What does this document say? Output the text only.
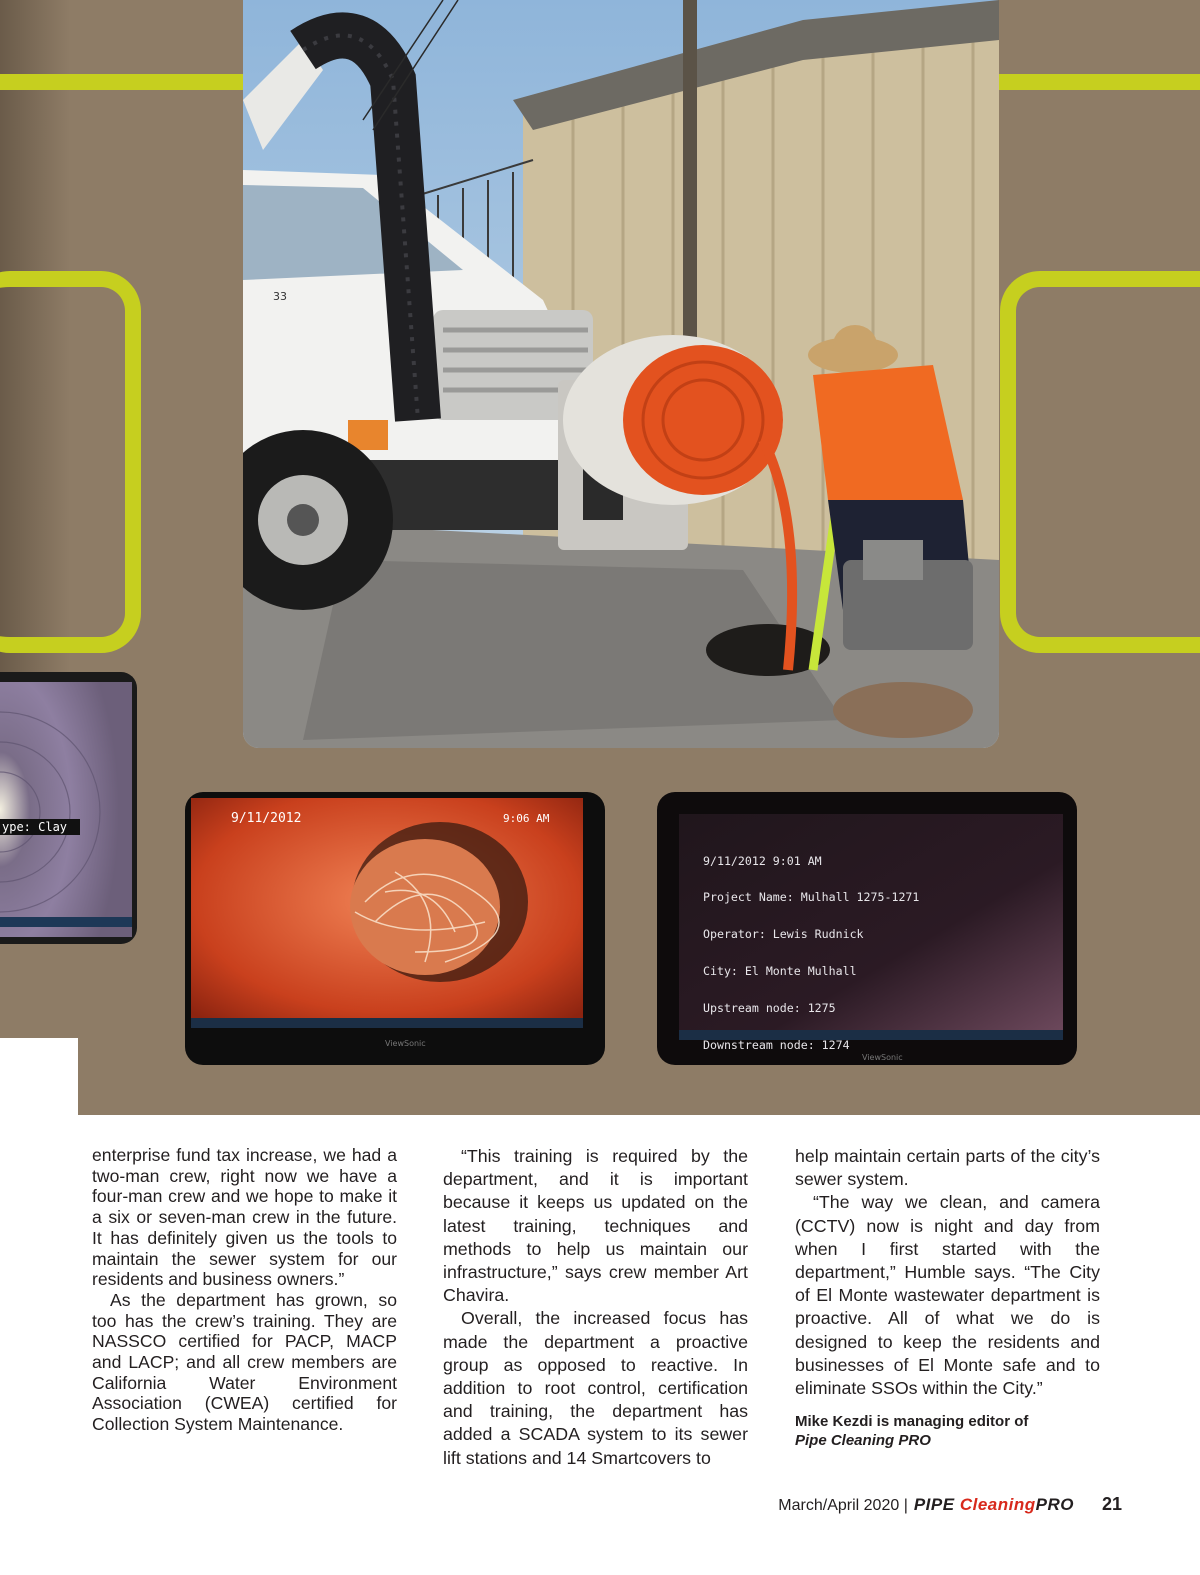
33
ype: Clay
9/11/2012	9:06 AM
ViewSonic
ViewSonic

9/11/2012 9:01 AM

Project Name: Mulhall 1275-1271

Operator: Lewis Rudnick

City: El Monte Mulhall

Upstream node: 1275

Downstream node: 1274

enterprise fund tax increase, we had a two-man crew, right now we have a four-man crew and we hope to make it a six or seven-man crew in the future. It has definitely given us the tools to maintain the sewer system for our residents and business owners.”

As the department has grown, so too has the crew’s training. They are NASSCO certified for PACP, MACP and LACP; and all crew members are California Water Environment Association (CWEA) certified for Collection System Maintenance.

“This training is required by the department, and it is important because it keeps us updated on the latest training, techniques and methods to help us maintain our infrastructure,” says crew member Art Chavira.

Overall, the increased focus has made the department a proactive group as opposed to reactive. In addition to root control, certification and training, the department has added a SCADA system to its sewer lift stations and 14 Smartcovers to

help maintain certain parts of the city’s sewer system.

“The way we clean, and camera (CCTV) now is night and day from when I first started with the department,” Humble says. “The City of El Monte wastewater department is proactive. All of what we do is designed to keep the residents and businesses of El Monte safe and to eliminate SSOs within the City.”

Mike Kezdi is managing editor of
Pipe Cleaning PRO

March/April 2020 | PIPE CleaningPRO 21
